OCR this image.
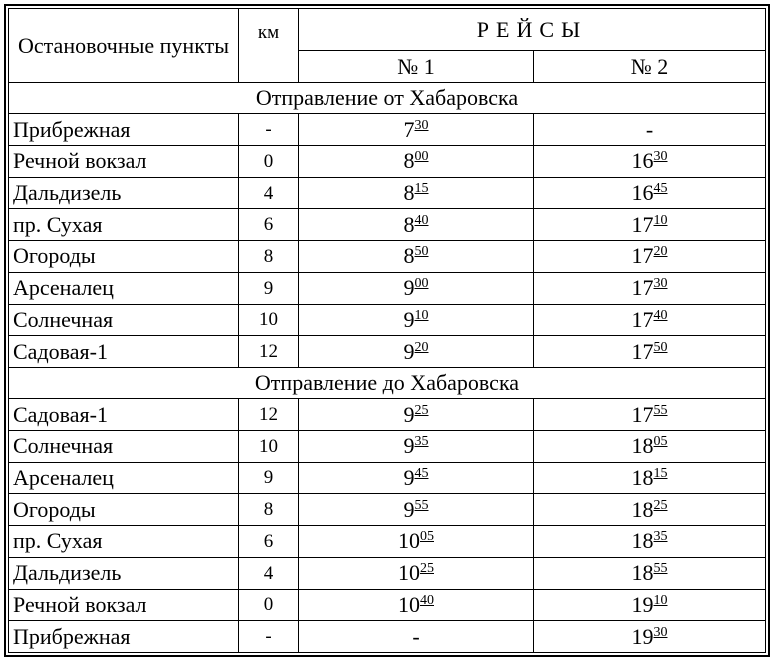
Остановочные пункты	км	РЕЙСЫ	
		№ 1	№ 2
Отправление от Хабаровска			
Прибрежная	-	$7^{30}$	-
Речной вокзал	0	$8^{00}$	$16^{30}$
Дальдизель	4	$8^{15}$	$16^{45}$
пр. Сухая	6	$8^{40}$	$17^{10}$
Огороды	8	$8^{50}$	$17^{20}$
Арсеналец	9	$9^{00}$	$17^{30}$
Солнечная	10	$9^{10}$	$17^{40}$
Садовая-1	12	$9^{20}$	$17^{50}$
Отправление до Хабаровска			
Садовая-1	12	$9^{25}$	$17^{55}$
Солнечная	10	$9^{35}$	$18^{05}$
Арсеналец	9	$9^{45}$	$18^{15}$
Огороды	8	$9^{55}$	$18^{25}$
пр. Сухая	6	$10^{05}$	$18^{35}$
Дальдизель	4	$10^{25}$	$18^{55}$
Речной вокзал	0	$10^{40}$	$19^{10}$
Прибрежная	-	-	$19^{30}$
